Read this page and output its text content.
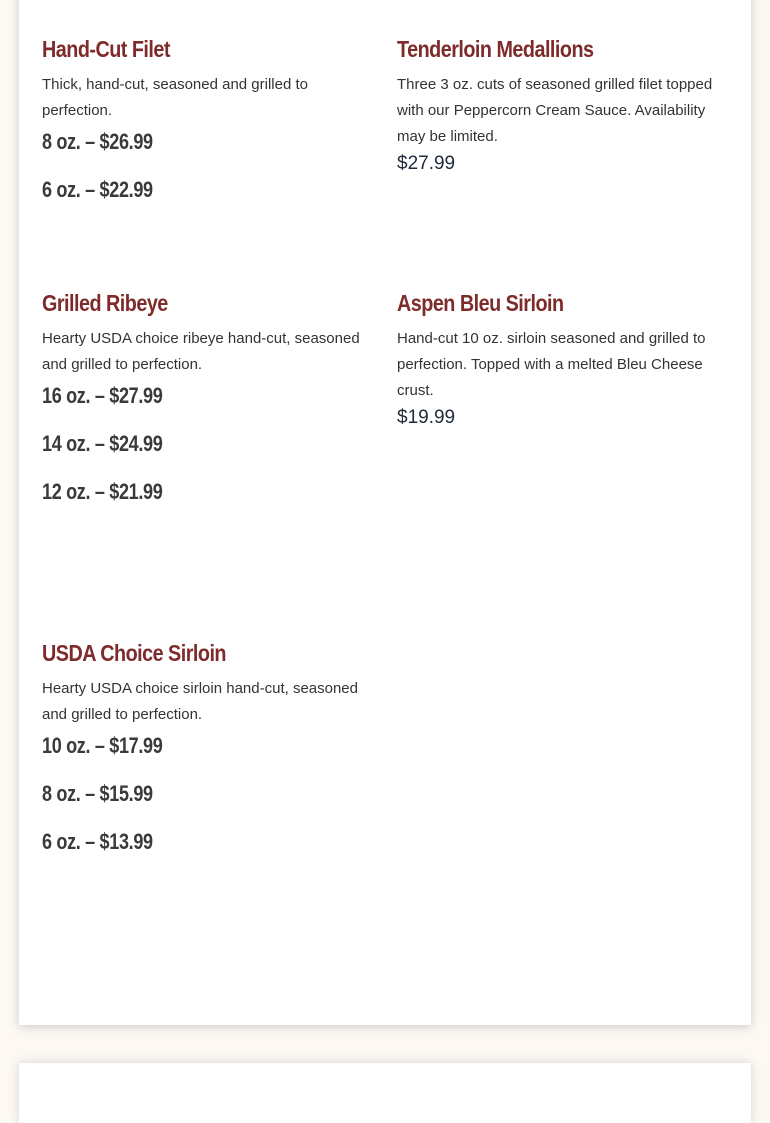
Hand-Cut Filet

Thick, hand-cut, seasoned and grilled to perfection.

8 oz. – $26.99
6 oz. – $22.99
Tenderloin Medallions

Three 3 oz. cuts of seasoned grilled filet topped with our Peppercorn Cream Sauce. Availability may be limited.

$27.99
Grilled Ribeye

Hearty USDA choice ribeye hand-cut, seasoned and grilled to perfection.

16 oz. – $27.99
14 oz. – $24.99
12 oz. – $21.99
Aspen Bleu Sirloin

Hand-cut 10 oz. sirloin seasoned and grilled to perfection. Topped with a melted Bleu Cheese crust.

$19.99
USDA Choice Sirloin

Hearty USDA choice sirloin hand-cut, seasoned and grilled to perfection.

10 oz. – $17.99
8 oz. – $15.99
6 oz. – $13.99
